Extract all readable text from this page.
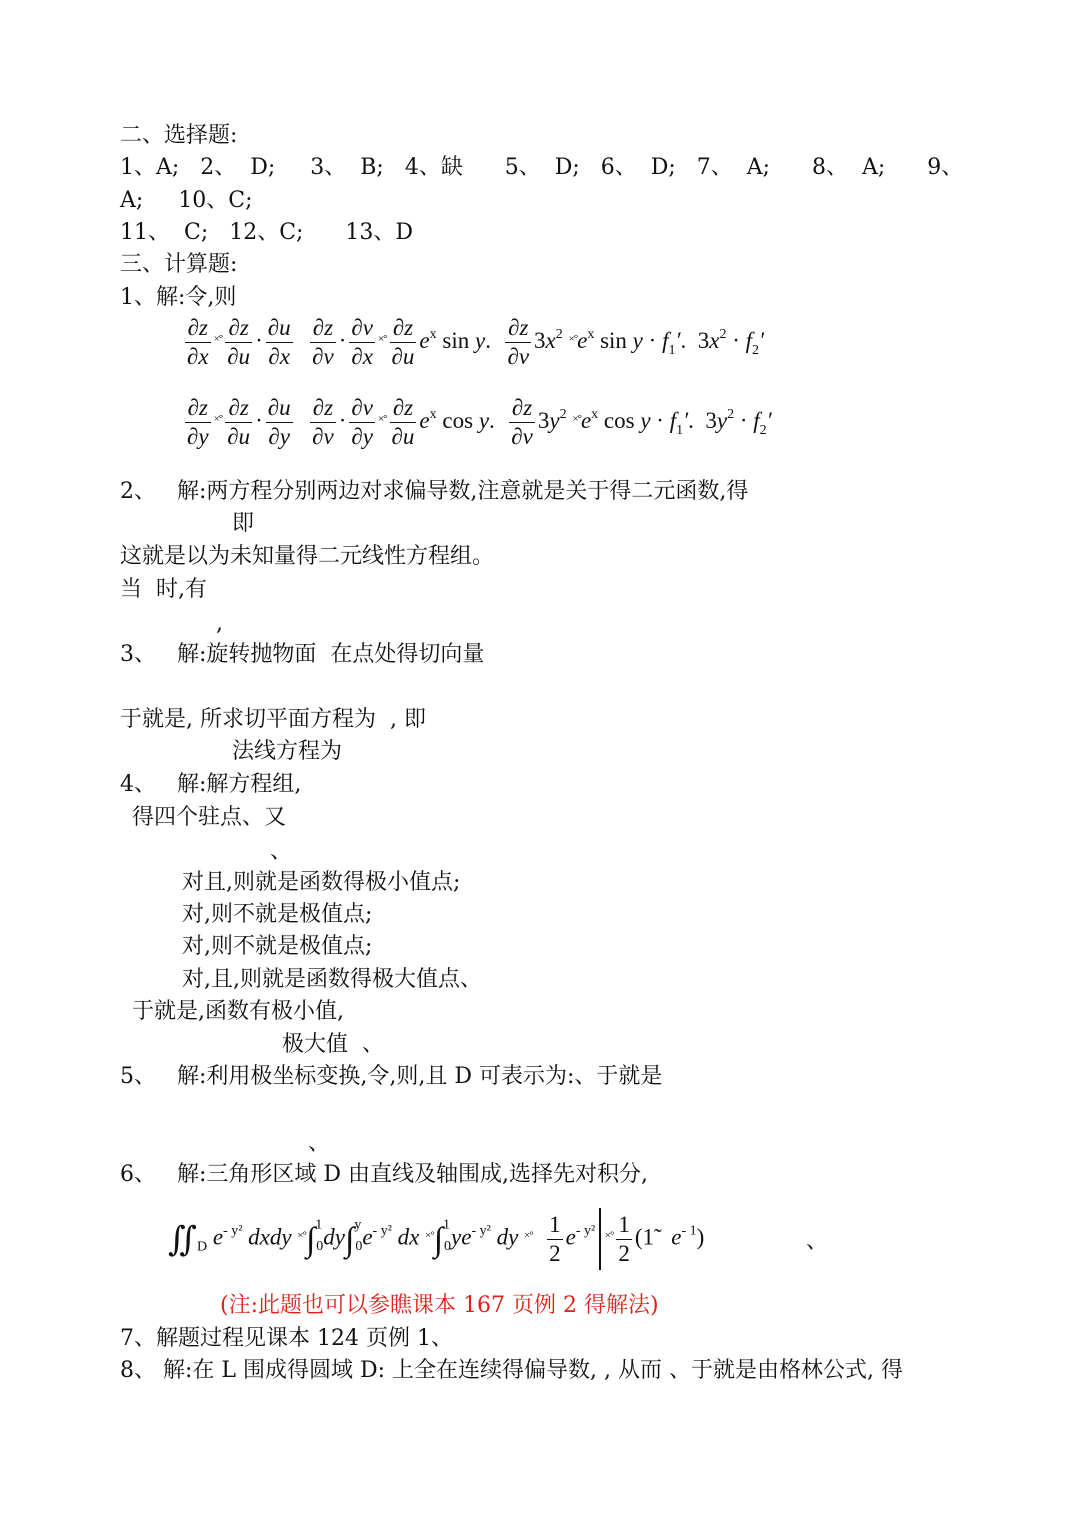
二、选择题:
1、A;   2、  D;     3、  B;   4、缺      5、  D;   6、  D;   7、  A;      8、  A;      9、
A;     10、C;
11、  C;   12、C;      13、D
三、计算题:
1、解:令,则
$\frac{\partial z}{\partial x} ^{\times^\circ} \frac{\partial z}{\partial u} \cdot \frac{\partial u}{\partial x}$
$\frac{\partial z}{\partial v} \cdot \frac{\partial v}{\partial x} ^{\times^\circ} \frac{\partial z}{\partial u} e^x$ sin y. $\frac{\partial z}{\partial v} 3x^2$ $^{\times^\circ}e^x$ $\sin y \cdot f_1'$. $3x^2 \cdot f_2'$
$\frac{\partial z}{\partial y} ^{\times^\circ} \frac{\partial z}{\partial u} \cdot \frac{\partial u}{\partial y}$
$\frac{\partial z}{\partial v} \cdot \frac{\partial v}{\partial y} ^{\times^\circ} \frac{\partial z}{\partial u} e^x$ cos y. $\frac{\partial z}{\partial v} 3y^2$ $^{\times^\circ}e^x$ $\cos y \cdot f_1'$. $3y^2 \cdot f_2'$
2、   解:两方程分别两边对求偏导数,注意就是关于得二元函数,得
即
这就是以为未知量得二元线性方程组。
当  时,有
,
3、   解:旋转抛物面  在点处得切向量
于就是, 所求切平面方程为  , 即
法线方程为
4、   解:解方程组,
得四个驻点、又
、
对且,则就是函数得极小值点;
对,则不就是极值点;
对,则不就是极值点;
对,且,则就是函数得极大值点、
于就是,函数有极小值,
极大值  、
5、   解:利用极坐标变换,令,则,且 D 可表示为:、于就是
、
6、   解:三角形区域 D 由直线及轴围成,选择先对积分,
$∬_D$ $e^{- y^2}$ dxdy $^{\times^\circ}\int^1_0dy\int^y_0e^{- y^2}$ dx $^{\times^\circ}\int^1_0ye^{- y^2}$ dy $^{\times^\circ} \frac{1}{2} e^{- y^2}$ $^{\times^\circ} \frac{1}{2}$ (1̃   $e^{- 1}$)	、
(注:此题也可以参瞧课本 167 页例 2 得解法)
7、解题过程见课本 124 页例 1、
8、 解:在 L 围成得圆域 D: 上全在连续得偏导数, , 从而 、于就是由格林公式, 得
